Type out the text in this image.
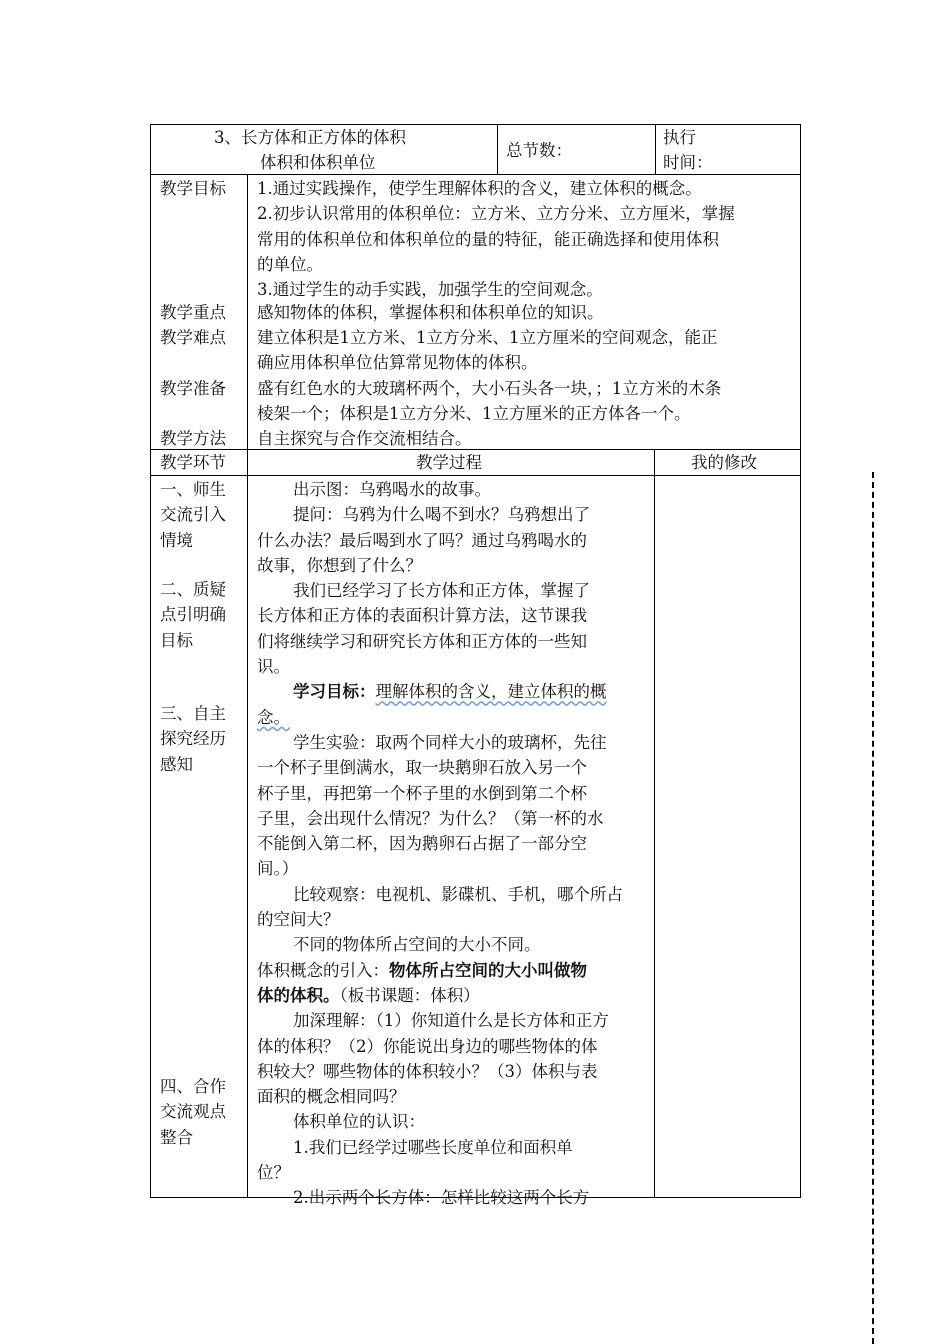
3、长方体和正方体的体积
体积和体积单位
总节数：
执行
时间：
教学目标
教学重点
教学难点
教学准备
教学方法
1.通过实践操作，使学生理解体积的含义，建立体积的概念。
2.初步认识常用的体积单位：立方米、立方分米、立方厘米，掌握
常用的体积单位和体积单位的量的特征，能正确选择和使用体积
的单位。
3.通过学生的动手实践，加强学生的空间观念。
感知物体的体积，掌握体积和体积单位的知识。
建立体积是1立方米、1立方分米、1立方厘米的空间观念，能正
确应用体积单位估算常见物体的体积。
盛有红色水的大玻璃杯两个，大小石头各一块，；1立方米的木条
棱架一个；体积是1立方分米、1立方厘米的正方体各一个。
自主探究与合作交流相结合。
教学环节	教学过程	我的修改
一、师生
交流引入
情境
二、质疑
点引明确
目标
三、自主
探究经历
感知
四、合作
交流观点
整合
出示图：乌鸦喝水的故事。
提问：乌鸦为什么喝不到水？乌鸦想出了
什么办法？最后喝到水了吗？通过乌鸦喝水的
故事，你想到了什么？
我们已经学习了长方体和正方体，掌握了
长方体和正方体的表面积计算方法，这节课我
们将继续学习和研究长方体和正方体的一些知
识。
学习目标：理解体积的含义，建立体积的概
念。
学生实验：取两个同样大小的玻璃杯，先往
一个杯子里倒满水，取一块鹅卵石放入另一个
杯子里，再把第一个杯子里的水倒到第二个杯
子里，会出现什么情况？为什么？（第一杯的水
不能倒入第二杯，因为鹅卵石占据了一部分空
间。）
比较观察：电视机、影碟机、手机，哪个所占
的空间大？
不同的物体所占空间的大小不同。
体积概念的引入：物体所占空间的大小叫做物
体的体积。（板书课题：体积）
加深理解：（1）你知道什么是长方体和正方
体的体积？（2）你能说出身边的哪些物体的体
积较大？哪些物体的体积较小？（3）体积与表
面积的概念相同吗？
体积单位的认识：
1.我们已经学过哪些长度单位和面积单
位？
2.出示两个长方体：怎样比较这两个长方
